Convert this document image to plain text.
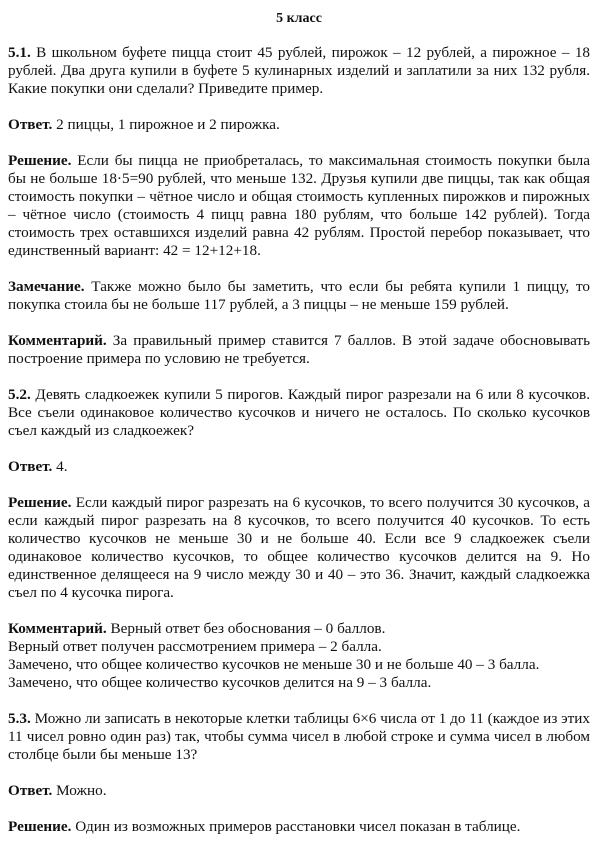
5 класс

5.1. В школьном буфете пицца стоит 45 рублей, пирожок – 12 рублей, а пирожное – 18 рублей. Два друга купили в буфете 5 кулинарных изделий и заплатили за них 132 рубля. Какие покупки они сделали? Приведите пример.

Ответ. 2 пиццы, 1 пирожное и 2 пирожка.

Решение. Если бы пицца не приобреталась, то максимальная стоимость покупки была бы не больше 18·5=90 рублей, что меньше 132. Друзья купили две пиццы, так как общая стоимость покупки – чётное число и общая стоимость купленных пирожков и пирожных – чётное число (стоимость 4 пицц равна 180 рублям, что больше 142 рублей). Тогда стоимость трех оставшихся изделий равна 42 рублям. Простой перебор показывает, что единственный вариант: 42 = 12+12+18.

Замечание. Также можно было бы заметить, что если бы ребята купили 1 пиццу, то покупка стоила бы не больше 117 рублей, а 3 пиццы – не меньше 159 рублей.

Комментарий. За правильный пример ставится 7 баллов. В этой задаче обосновывать построение примера по условию не требуется.

5.2. Девять сладкоежек купили 5 пирогов. Каждый пирог разрезали на 6 или 8 кусочков. Все съели одинаковое количество кусочков и ничего не осталось. По сколько кусочков съел каждый из сладкоежек?

Ответ. 4.

Решение. Если каждый пирог разрезать на 6 кусочков, то всего получится 30 кусочков, а если каждый пирог разрезать на 8 кусочков, то всего получится 40 кусочков. То есть количество кусочков не меньше 30 и не больше 40. Если все 9 сладкоежек съели одинаковое количество кусочков, то общее количество кусочков делится на 9. Но единственное делящееся на 9 число между 30 и 40 – это 36. Значит, каждый сладкоежка съел по 4 кусочка пирога.

Комментарий. Верный ответ без обоснования – 0 баллов.

Верный ответ получен рассмотрением примера – 2 балла.

Замечено, что общее количество кусочков не меньше 30 и не больше 40 – 3 балла.

Замечено, что общее количество кусочков делится на 9 – 3 балла.

5.3. Можно ли записать в некоторые клетки таблицы 6×6 числа от 1 до 11 (каждое из этих 11 чисел ровно один раз) так, чтобы сумма чисел в любой строке и сумма чисел в любом столбце были бы меньше 13?

Ответ. Можно.

Решение. Один из возможных примеров расстановки чисел показан в таблице.
